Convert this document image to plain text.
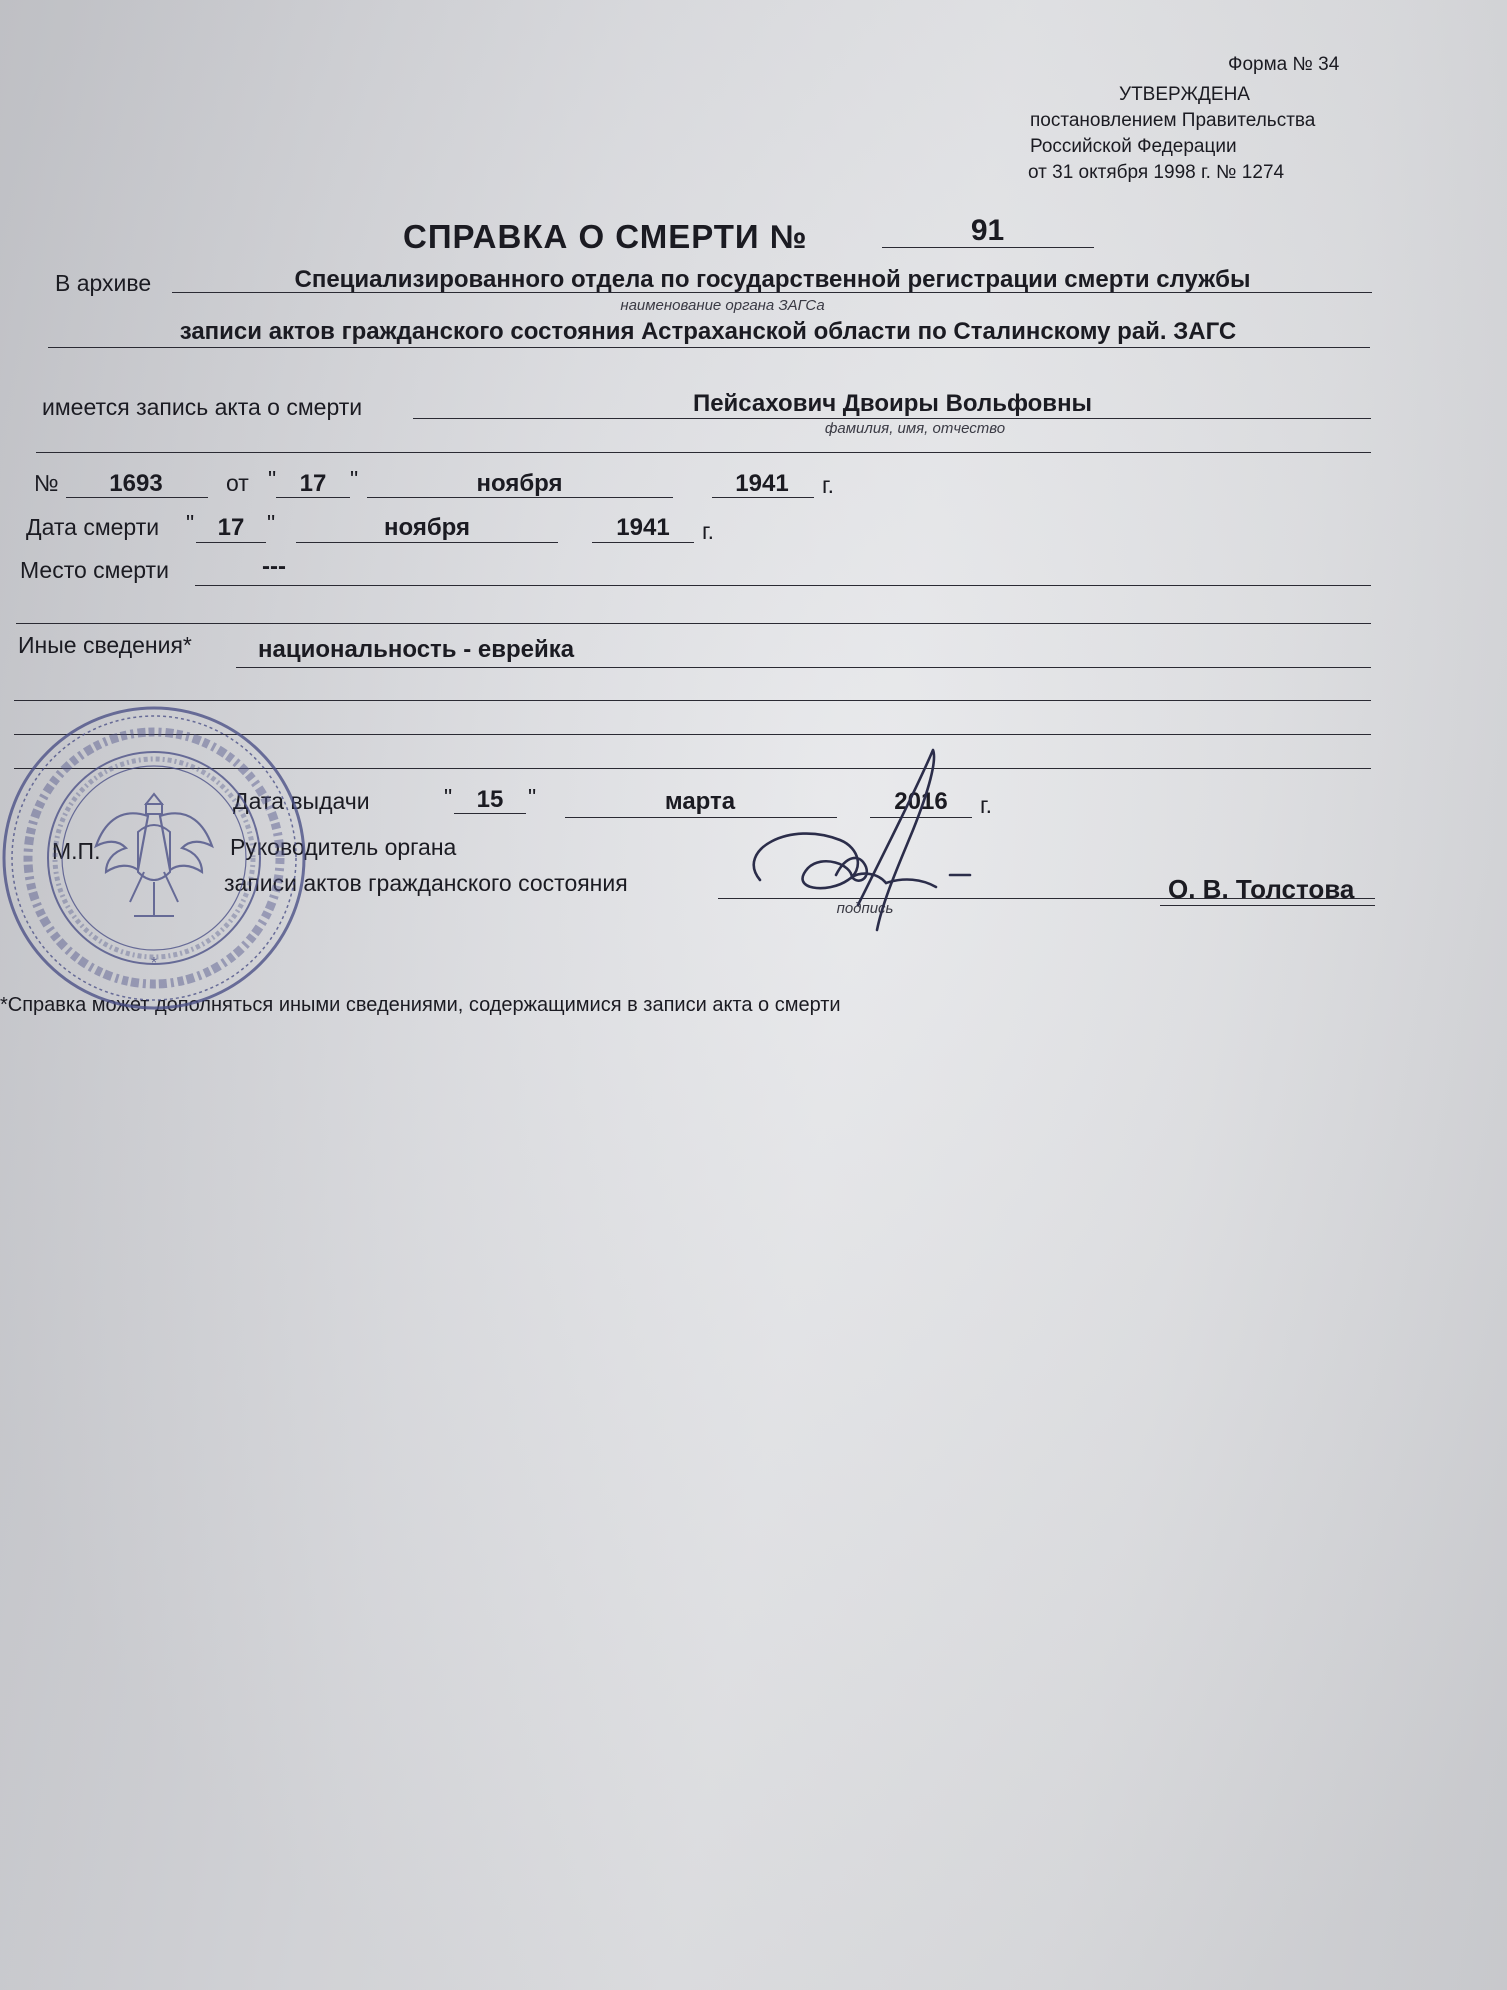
Форма № 34
УТВЕРЖДЕНА
постановлением Правительства
Российской Федерации
от 31 октября 1998 г. № 1274
СПРАВКА О СМЕРТИ №	91
В архиве	Специализированного отдела по государственной регистрации смерти службы
наименование органа ЗАГСа
записи актов гражданского состояния Астраханской области по Сталинскому рай. ЗАГС
имеется запись акта о смерти	Пейсахович Двоиры Вольфовны
фамилия, имя, отчество
№	1693	от " 17	"	ноября	1941	г.
Дата смерти " 17 "	ноября	1941	г.
Место смерти	---
Иные сведения*	национальность - еврейка
Дата выдачи	"	15	"	марта	2016	г.
М.П.	Руководитель органа
записи актов гражданского состояния
подпись
О. В. Толстова
*Справка может дополняться иными сведениями, содержащимися в записи акта о смерти
*
